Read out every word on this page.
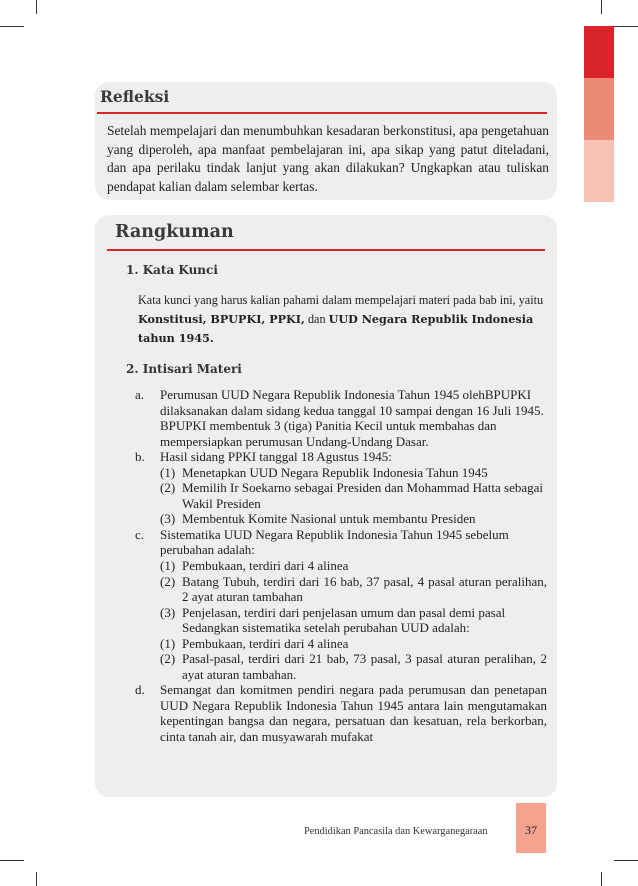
Refleksi
Setelah mempelajari dan menumbuhkan kesadaran berkonstitusi, apa pengetahuan yang diperoleh, apa manfaat pembelajaran ini, apa sikap yang patut diteladani, dan apa perilaku tindak lanjut yang akan dilakukan? Ungkapkan atau tuliskan pendapat kalian dalam selembar kertas.
Rangkuman
1. Kata Kunci
Kata kunci yang harus kalian pahami dalam mempelajari materi pada bab ini, yaitu Konstitusi, BPUPKI, PPKI, dan UUD Negara Republik Indonesia tahun 1945.
2. Intisari Materi
a.	Perumusan UUD Negara Republik Indonesia Tahun 1945 olehBPUPKI dilaksanakan dalam sidang kedua tanggal 10 sampai dengan 16 Juli 1945. BPUPKI membentuk 3 (tiga) Panitia Kecil untuk membahas dan mempersiapkan perumusan Undang-Undang Dasar.
b.	Hasil sidang PPKI tanggal 18 Agustus 1945:
(1) Menetapkan UUD Negara Republik Indonesia Tahun 1945
(2) Memilih Ir Soekarno sebagai Presiden dan Mohammad Hatta sebagai Wakil Presiden
(3) Membentuk Komite Nasional untuk membantu Presiden
c.	Sistematika UUD Negara Republik Indonesia Tahun 1945 sebelum perubahan adalah:
(1) Pembukaan, terdiri dari 4 alinea
(2) Batang Tubuh, terdiri dari 16 bab, 37 pasal, 4 pasal aturan peralihan, 2 ayat aturan tambahan
(3) Penjelasan, terdiri dari penjelasan umum dan pasal demi pasal Sedangkan sistematika setelah perubahan UUD adalah:
(1) Pembukaan, terdiri dari 4 alinea
(2) Pasal-pasal, terdiri dari 21 bab, 73 pasal, 3 pasal aturan peralihan, 2 ayat aturan tambahan.
d.	Semangat dan komitmen pendiri negara pada perumusan dan penetapan UUD Negara Republik Indonesia Tahun 1945 antara lain mengutamakan kepentingan bangsa dan negara, persatuan dan kesatuan, rela berkorban, cinta tanah air, dan musyawarah mufakat
Pendidikan Pancasila dan Kewarganegaraan	37
